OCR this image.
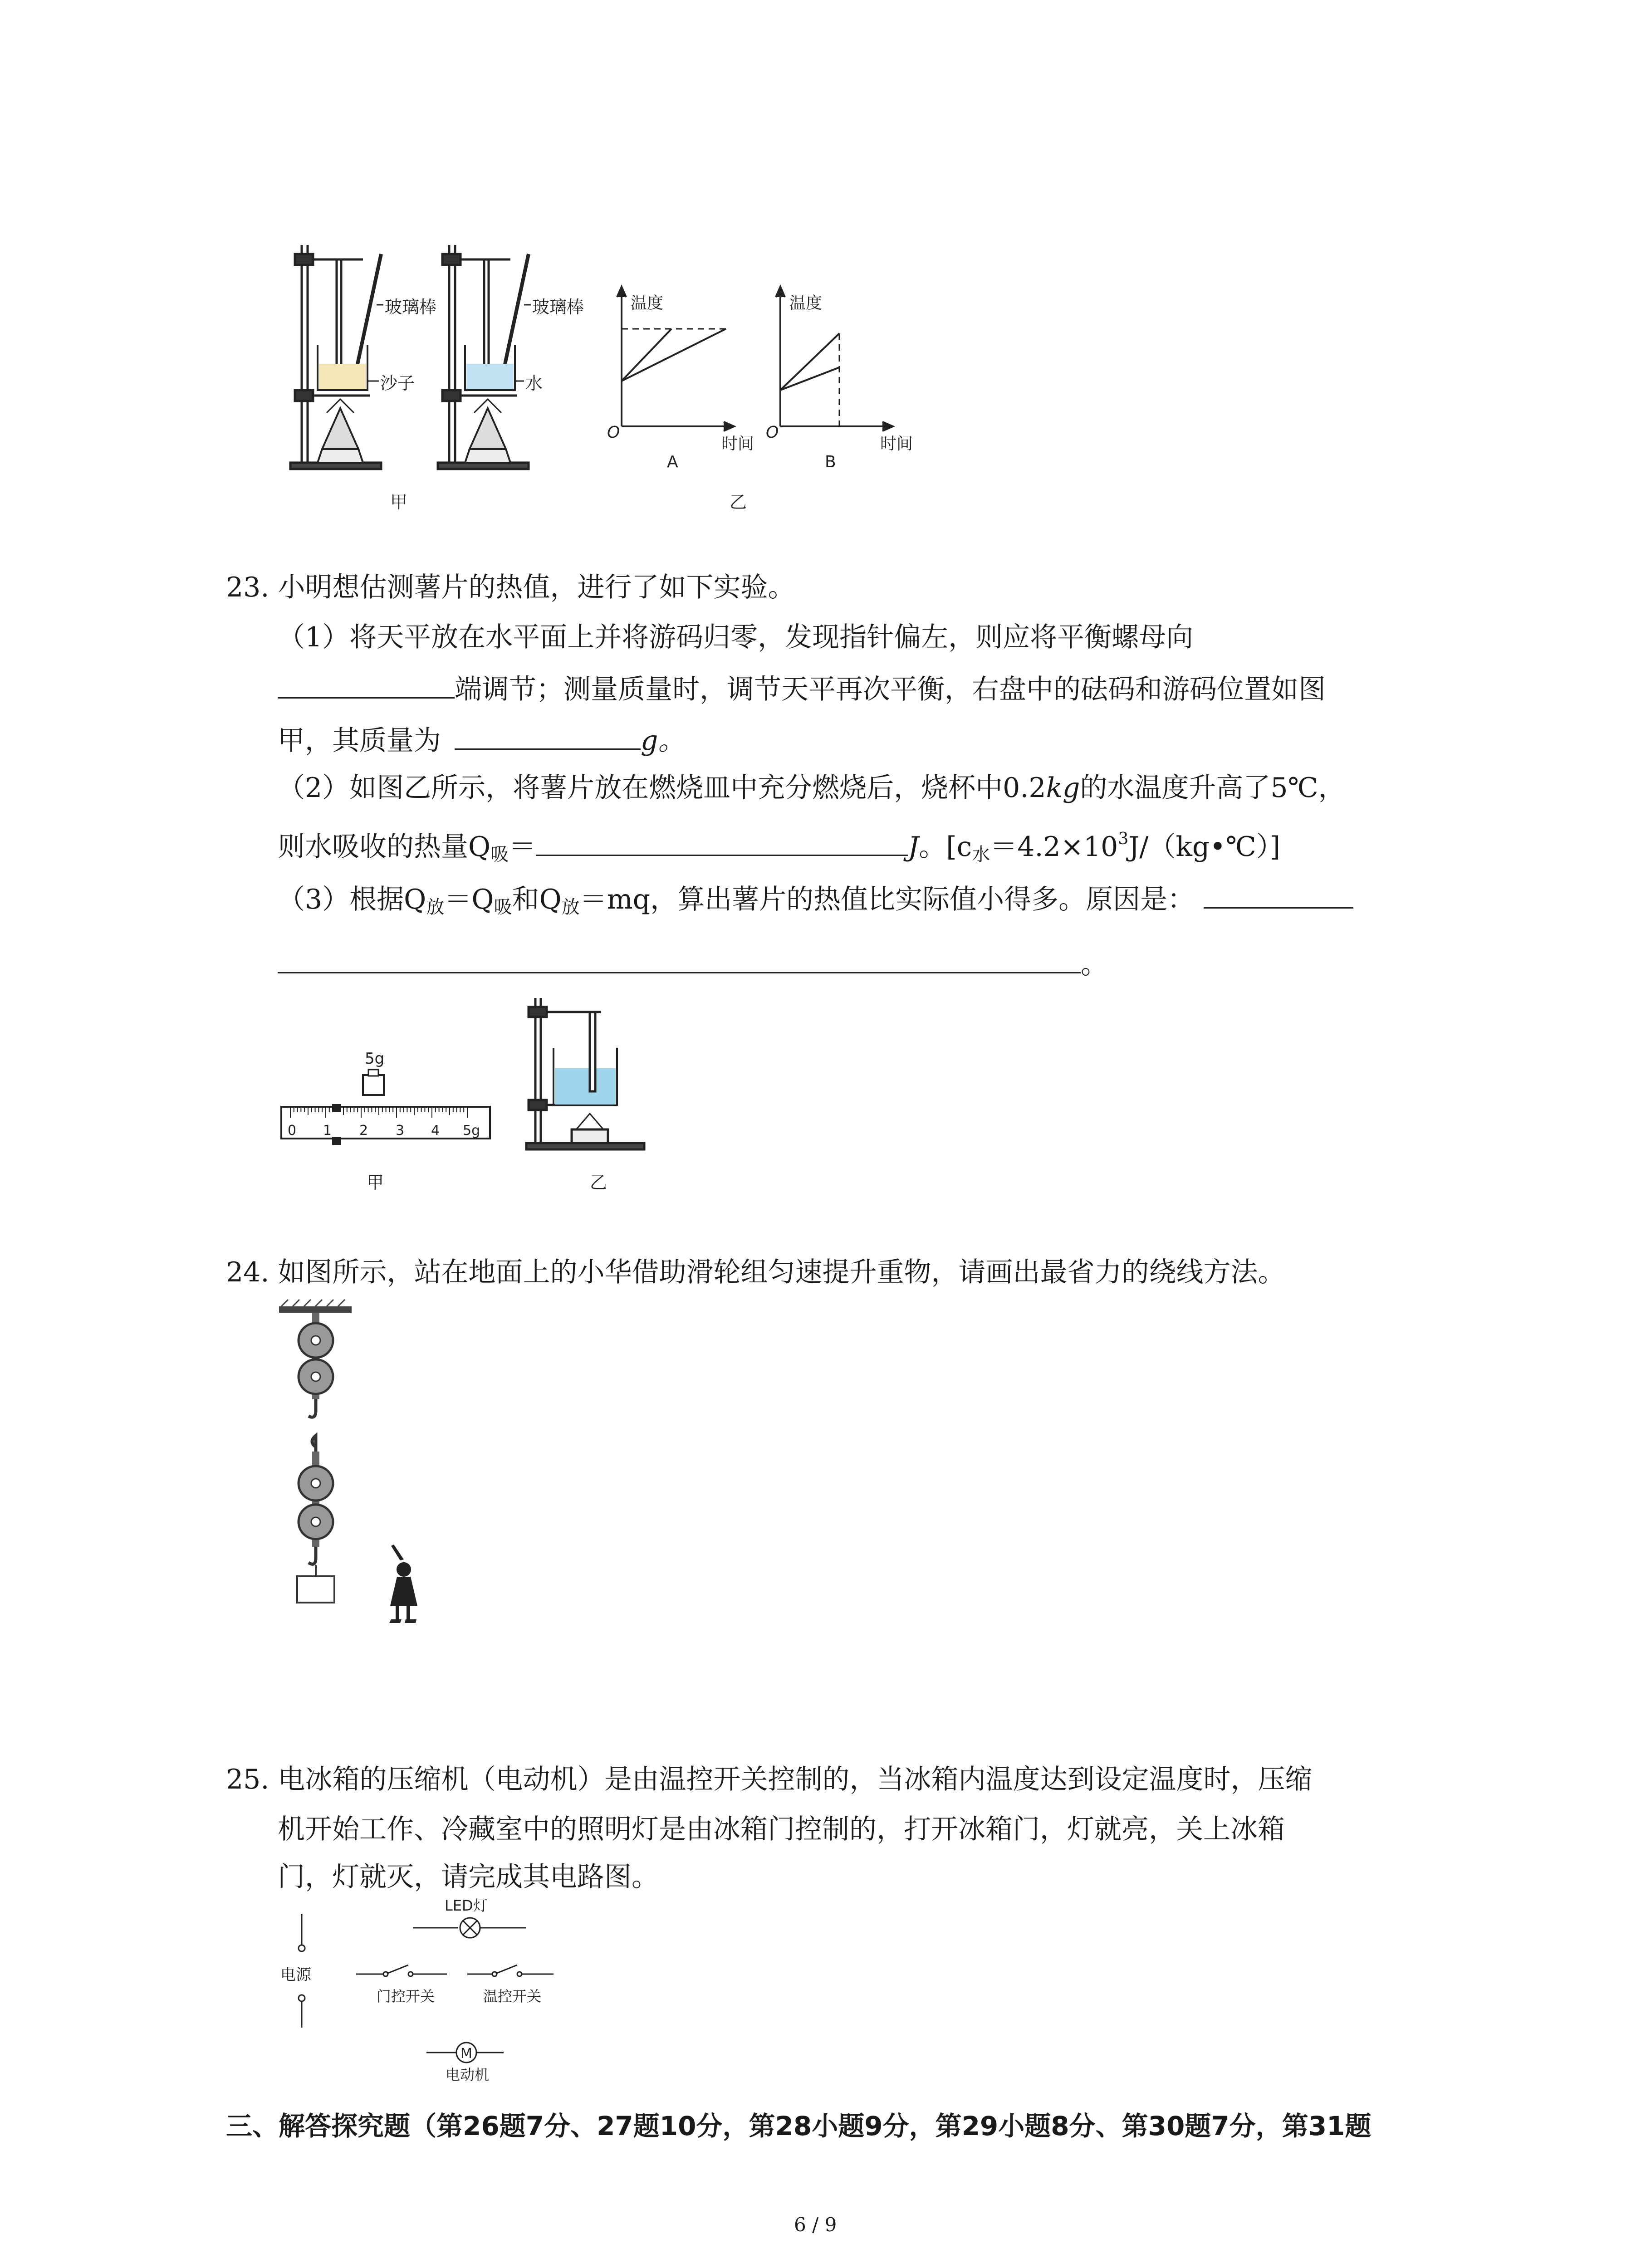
玻璃棒
沙子
甲
玻璃棒
水
温度
时间
O
A
乙
温度
时间
O
B
23. 小明想估测薯片的热值，进行了如下实验。
（1）将天平放在水平面上并将游码归零，发现指针偏左，则应将平衡螺母向
端调节；测量质量时，调节天平再次平衡，右盘中的砝码和游码位置如图
甲，其质量为	g。
（2）如图乙所示，将薯片放在燃烧皿中充分燃烧后，烧杯中0.2kg的水温度升高了5℃，
则水吸收的热量$Q_吸=$	J。$[c_水=4.2\times 10^3J/(kg•℃)]$
（3）根据$Q_放=Q_吸$和$Q_放=mq$，算出薯片的热值比实际值小得多。原因是：
。
5g
0 1 2 3 4 5g
甲	乙
24. 如图所示，站在地面上的小华借助滑轮组匀速提升重物，请画出最省力的绕线方法。
25. 电冰箱的压缩机（电动机）是由温控开关控制的，当冰箱内温度达到设定温度时，压缩
机开始工作、冷藏室中的照明灯是由冰箱门控制的，打开冰箱门，灯就亮，关上冰箱
门，灯就灭，请完成其电路图。
电源
LED灯
门控开关	温控开关
M
电动机
三、解答探究题（第26题7分、27题10分，第28小题9分，第29小题8分、第30题7分，第31题
6 / 9
